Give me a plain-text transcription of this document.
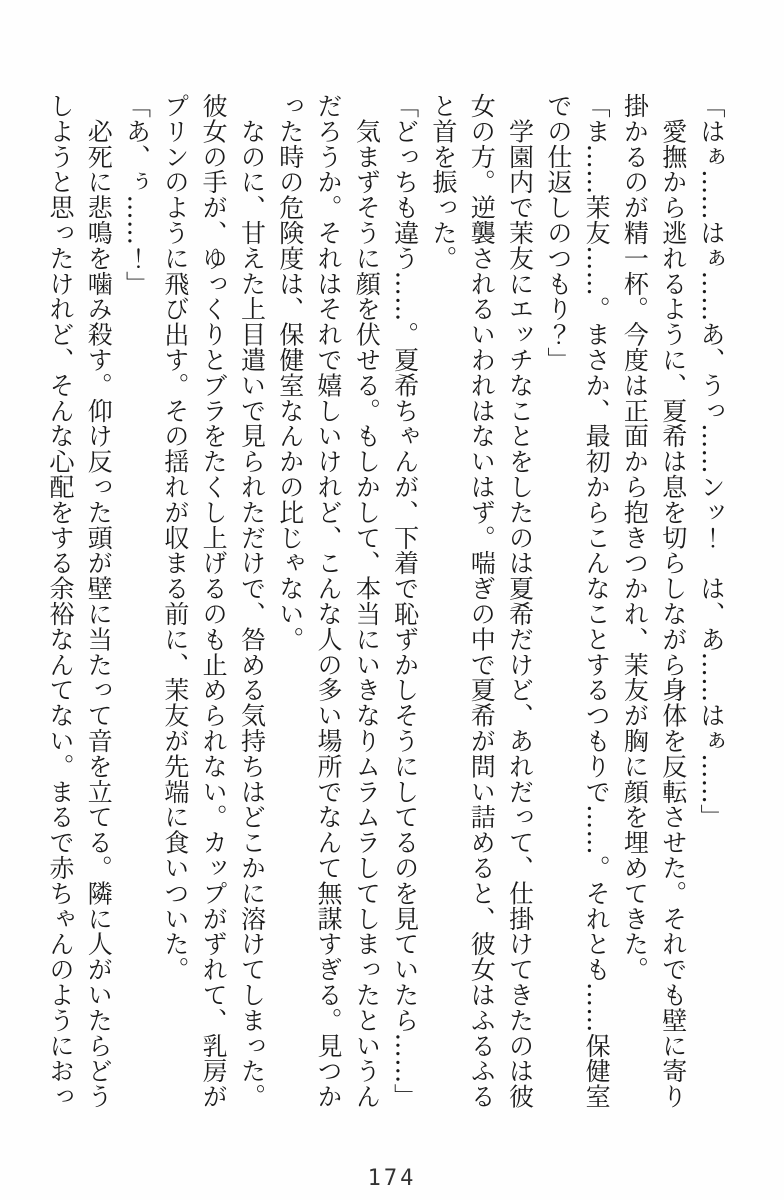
「はぁ……はぁ……あ、うっ……ンッ！　は、あ……はぁ……」

　愛撫から逃れるように、夏希は息を切らしながら身体を反転させた。それでも壁に寄り

掛かるのが精一杯。今度は正面から抱きつかれ、茉友が胸に顔を埋めてきた。

「ま……茉友……。まさか、最初からこんなことするつもりで……。それとも……保健室

での仕返しのつもり？」

　学園内で茉友にエッチなことをしたのは夏希だけど、あれだって、仕掛けてきたのは彼

女の方。逆襲されるいわれはないはず。喘ぎの中で夏希が問い詰めると、彼女はふるふる

と首を振った。

「どっちも違う……。夏希ちゃんが、下着で恥ずかしそうにしてるのを見ていたら……」

　気まずそうに顔を伏せる。もしかして、本当にいきなりムラムラしてしまったというん

だろうか。それはそれで嬉しいけれど、こんな人の多い場所でなんて無謀すぎる。見つか

った時の危険度は、保健室なんかの比じゃない。

　なのに、甘えた上目遣いで見られただけで、咎める気持ちはどこかに溶けてしまった。

彼女の手が、ゆっくりとブラをたくし上げるのも止められない。カップがずれて、乳房が

プリンのように飛び出す。その揺れが収まる前に、茉友が先端に食いついた。

「あ、ぅ……！」

　必死に悲鳴を噛み殺す。仰け反った頭が壁に当たって音を立てる。隣に人がいたらどう

しようと思ったけれど、そんな心配をする余裕なんてない。まるで赤ちゃんのようにおっ

174
